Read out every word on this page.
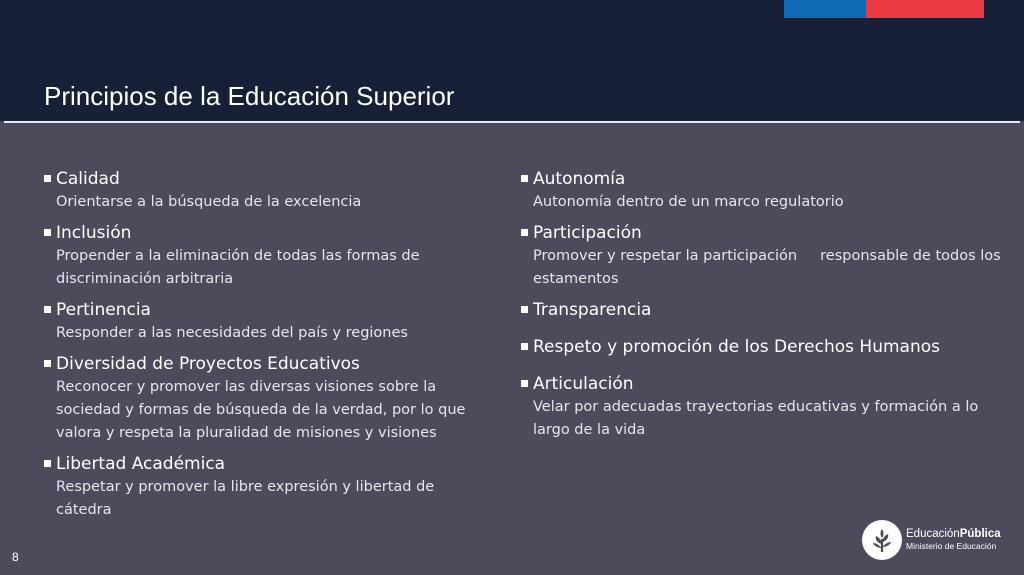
Principios de la Educación Superior
Calidad
Orientarse a la búsqueda de la excelencia
Inclusión
Propender a la eliminación de todas las formas de discriminación arbitraria
Pertinencia
Responder a las necesidades del país y regiones
Diversidad de Proyectos Educativos
Reconocer y promover las diversas visiones sobre la sociedad y formas de búsqueda de la verdad, por lo que valora y respeta la pluralidad de misiones y visiones
Libertad Académica
Respetar y promover la libre expresión y libertad de cátedra
Autonomía
Autonomía dentro de un marco regulatorio
Participación
Promover y respetar la participación     responsable de todos los estamentos
Transparencia
Respeto y promoción de los Derechos Humanos
Articulación
Velar por adecuadas trayectorias educativas y formación a lo largo de la vida
8
EducaciónPública
Ministerio de Educación
